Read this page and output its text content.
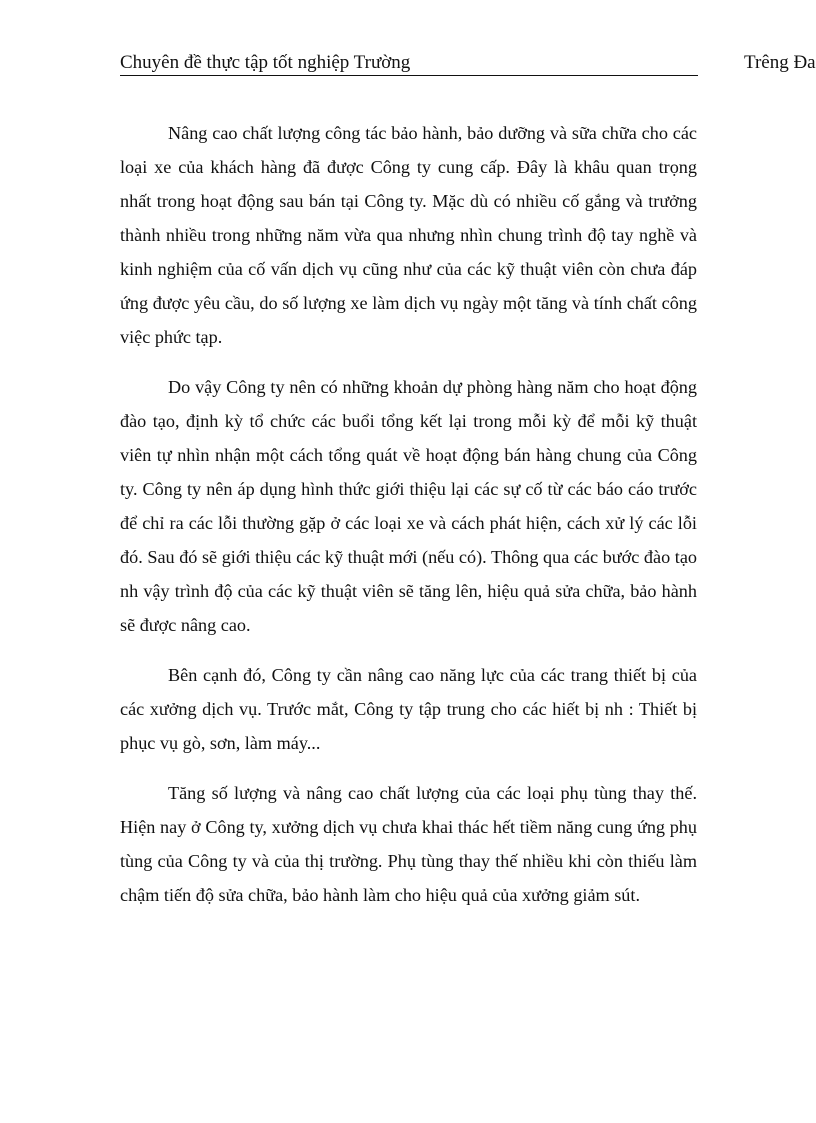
Chuyên đề thực tập tốt nghiệp Trường	Trêng Đa

Nâng cao chất lượng công tác bảo hành, bảo dưỡng và sữa chữa cho các loại xe của khách hàng đã được Công ty cung cấp. Đây là khâu quan trọng nhất trong hoạt động sau bán tại Công ty. Mặc dù có nhiều cố gắng và trưởng thành nhiều trong những năm vừa qua nhưng nhìn chung trình độ tay nghề và kinh nghiệm của cố vấn dịch vụ cũng như của các kỹ thuật viên còn chưa đáp ứng được yêu cầu, do số lượng xe làm dịch vụ ngày một tăng và tính chất công việc phức tạp.

Do vậy Công ty nên có những khoản dự phòng hàng năm cho hoạt động đào tạo, định kỳ tổ chức các buổi tổng kết lại trong mỗi kỳ để mỗi kỹ thuật viên tự nhìn nhận một cách tổng quát về hoạt động bán hàng chung của Công ty. Công ty nên áp dụng hình thức giới thiệu lại các sự cố từ các báo cáo trước để chỉ ra các lỗi thường gặp ở các loại xe và cách phát hiện, cách xử lý các lỗi đó. Sau đó sẽ giới thiệu các kỹ thuật mới (nếu có). Thông qua các bước đào tạo nh vậy trình độ của các kỹ thuật viên sẽ tăng lên, hiệu quả sửa chữa, bảo hành sẽ được nâng cao.

Bên cạnh đó, Công ty cần nâng cao năng lực của các trang thiết bị của các xưởng dịch vụ. Trước mắt, Công ty tập trung cho các hiết bị nh : Thiết bị phục vụ gò, sơn, làm máy...

Tăng số lượng và nâng cao chất lượng của các loại phụ tùng thay thế. Hiện nay ở Công ty, xưởng dịch vụ chưa khai thác hết tiềm năng cung ứng phụ tùng của Công ty và của thị trường. Phụ tùng thay thế nhiều khi còn thiếu làm chậm tiến độ sửa chữa, bảo hành làm cho hiệu quả của xưởng giảm sút.
